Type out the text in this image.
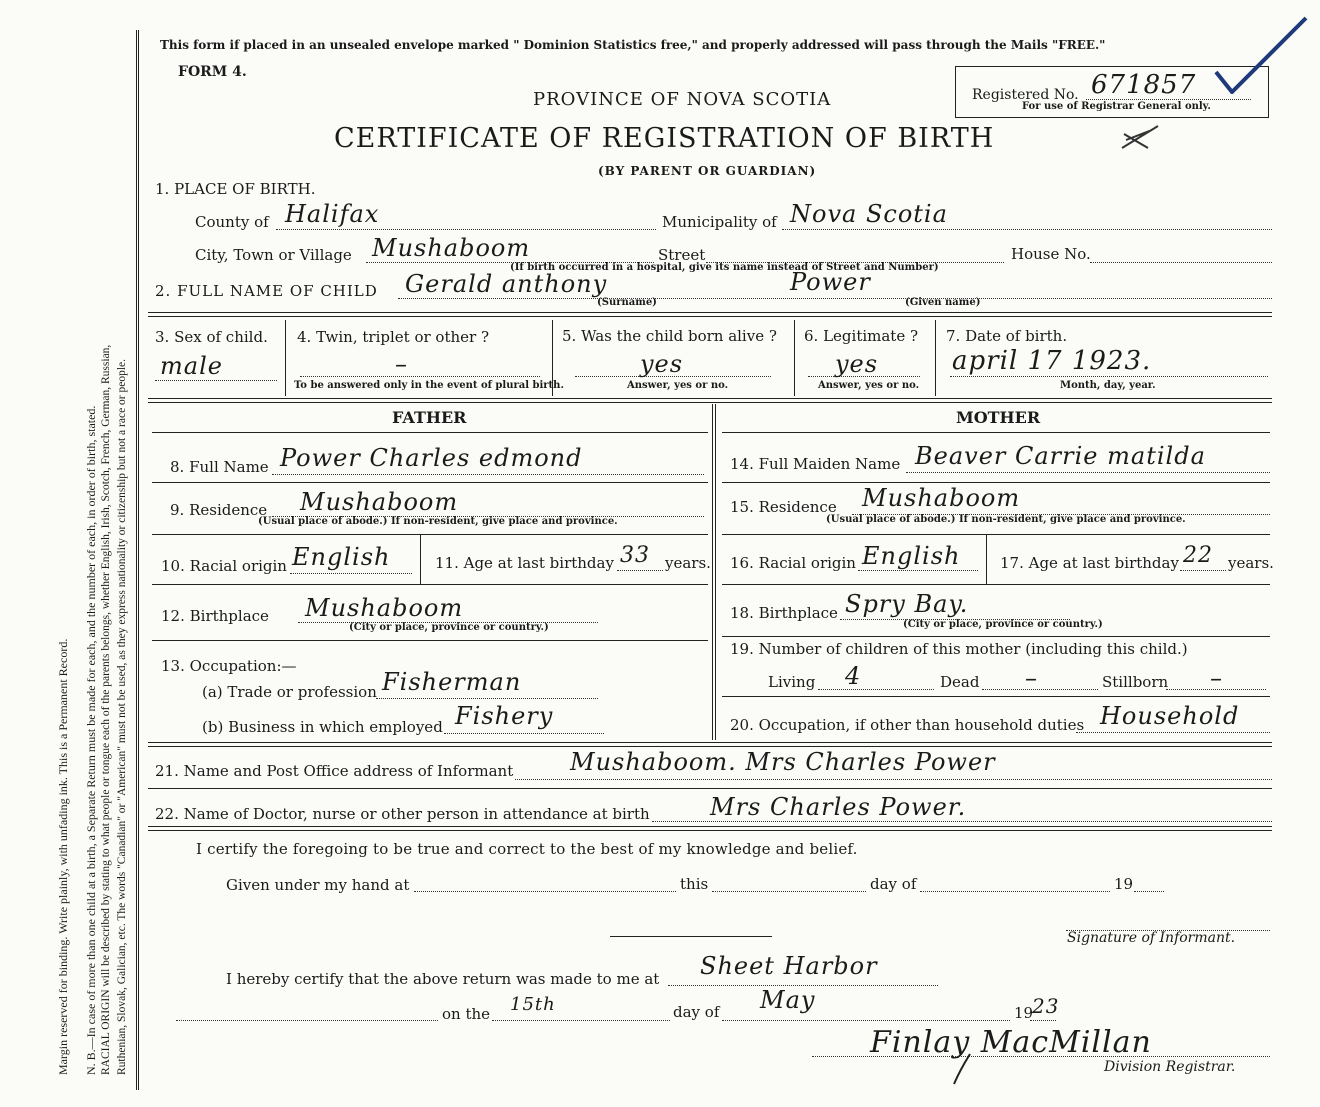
Margin reserved for binding. Write plainly, with unfading ink. This is a Permanent Record. N. B.—In case of more than one child at a birth, a Separate Return must be made for each, and the number of each, in order of birth, stated. RACIAL ORIGIN will be described by stating to what people or tongue each of the parents belongs, whether English, Irish, Scotch, French, German, Russian, Ruthenian, Slovak, Galician, etc. The words "Canadian" or "American" must not be used, as they express nationality or citizenship but not a race or people.
This form if placed in an unsealed envelope marked " Dominion Statistics free," and properly addressed will pass through the Mails "FREE."
FORM 4.
PROVINCE OF NOVA SCOTIA
CERTIFICATE OF REGISTRATION OF BIRTH
(BY PARENT OR GUARDIAN)
Registered No. 671857
For use of Registrar General only.
1. PLACE OF BIRTH.
County of Halifax	Municipality of Nova Scotia
City, Town or Village Mushaboom	Street	House No.
(If birth occurred in a hospital, give its name instead of Street and Number)
2. FULL NAME OF CHILD Gerald anthony	Power
(Surname)	(Given name)
3. Sex of child.
male
4. Twin, triplet or other ?
–
To be answered only in the event of plural birth.
5. Was the child born alive ?
yes
Answer, yes or no.
6. Legitimate ?
yes
Answer, yes or no.
7. Date of birth.
april 17 1923.
Month, day, year.
FATHER	MOTHER
8. Full Name Power Charles edmond
9. Residence Mushaboom
(Usual place of abode.) If non-resident, give place and province.
10. Racial origin English	11. Age at last birthday 33 years.
12. Birthplace Mushaboom
(City or place, province or country.)
13. Occupation:—
(a) Trade or profession Fisherman
(b) Business in which employed Fishery
14. Full Maiden Name Beaver Carrie matilda
15. Residence Mushaboom
(Usual place of abode.) If non-resident, give place and province.
16. Racial origin English	17. Age at last birthday 22 years.
18. Birthplace Spry Bay.
(City or place, province or country.)
19. Number of children of this mother (including this child.)
Living 4	Dead –	Stillborn –
20. Occupation, if other than household duties Household
21. Name and Post Office address of Informant Mushaboom. Mrs Charles Power
22. Name of Doctor, nurse or other person in attendance at birth	Mrs Charles Power.
I certify the foregoing to be true and correct to the best of my knowledge and belief.
Given under my hand at	this	day of	19
Signature of Informant.
I hereby certify that the above return was made to me at Sheet Harbor
on the 15th	day of May	19
23
Finlay MacMillan
Division Registrar.
